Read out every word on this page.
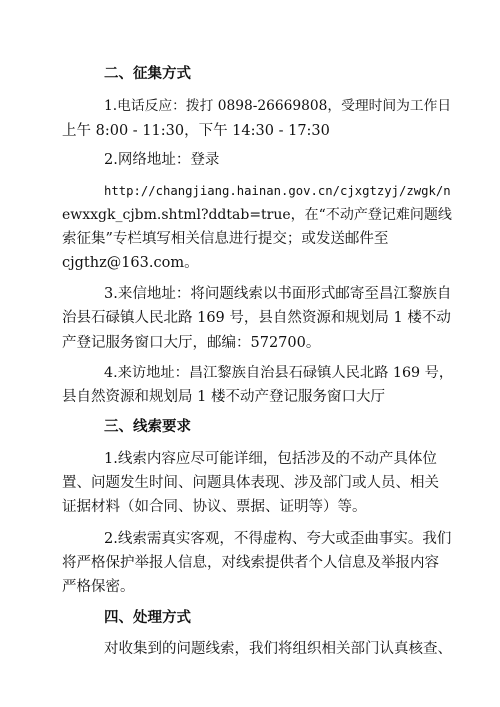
二、征集方式
1.电话反应：拨打 0898-26669808，受理时间为工作日
上午 8:00 - 11:30，下午 14:30 - 17:30
2.网络地址：登录
http://changjiang.hainan.gov.cn/cjxgtzyj/zwgk/n
ewxxgk_cjbm.shtml?ddtab=true，在“不动产登记难问题线
索征集”专栏填写相关信息进行提交；或发送邮件至
cjgthz@163.com。
3.来信地址：将问题线索以书面形式邮寄至昌江黎族自
治县石碌镇人民北路 169 号，县自然资源和规划局 1 楼不动
产登记服务窗口大厅，邮编：572700。
4.来访地址：昌江黎族自治县石碌镇人民北路 169 号，
县自然资源和规划局 1 楼不动产登记服务窗口大厅
三、线索要求
1.线索内容应尽可能详细，包括涉及的不动产具体位
置、问题发生时间、问题具体表现、涉及部门或人员、相关
证据材料（如合同、协议、票据、证明等）等。
2.线索需真实客观，不得虚构、夸大或歪曲事实。我们
将严格保护举报人信息，对线索提供者个人信息及举报内容
严格保密。
四、处理方式
对收集到的问题线索，我们将组织相关部门认真核查、
